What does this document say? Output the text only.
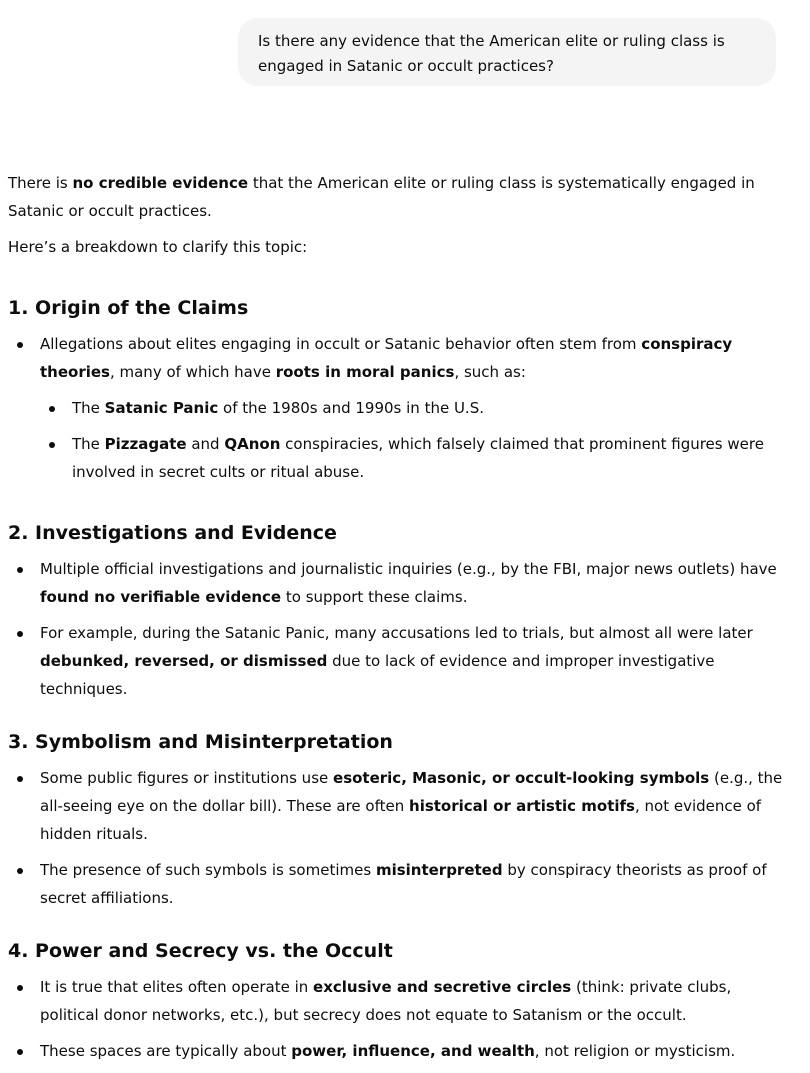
Is there any evidence that the American elite or ruling class is engaged in Satanic or occult practices?

There is no credible evidence that the American elite or ruling class is systematically engaged in Satanic or occult practices.

Here’s a breakdown to clarify this topic:

1. Origin of the Claims
Allegations about elites engaging in occult or Satanic behavior often stem from conspiracy theories, many of which have roots in moral panics, such as:
The Satanic Panic of the 1980s and 1990s in the U.S.
The Pizzagate and QAnon conspiracies, which falsely claimed that prominent figures were involved in secret cults or ritual abuse.
2. Investigations and Evidence
Multiple official investigations and journalistic inquiries (e.g., by the FBI, major news outlets) have found no verifiable evidence to support these claims.
For example, during the Satanic Panic, many accusations led to trials, but almost all were later debunked, reversed, or dismissed due to lack of evidence and improper investigative techniques.
3. Symbolism and Misinterpretation
Some public figures or institutions use esoteric, Masonic, or occult-looking symbols (e.g., the all-seeing eye on the dollar bill). These are often historical or artistic motifs, not evidence of hidden rituals.
The presence of such symbols is sometimes misinterpreted by conspiracy theorists as proof of secret affiliations.
4. Power and Secrecy vs. the Occult
It is true that elites often operate in exclusive and secretive circles (think: private clubs, political donor networks, etc.), but secrecy does not equate to Satanism or the occult.
These spaces are typically about power, influence, and wealth, not religion or mysticism.
